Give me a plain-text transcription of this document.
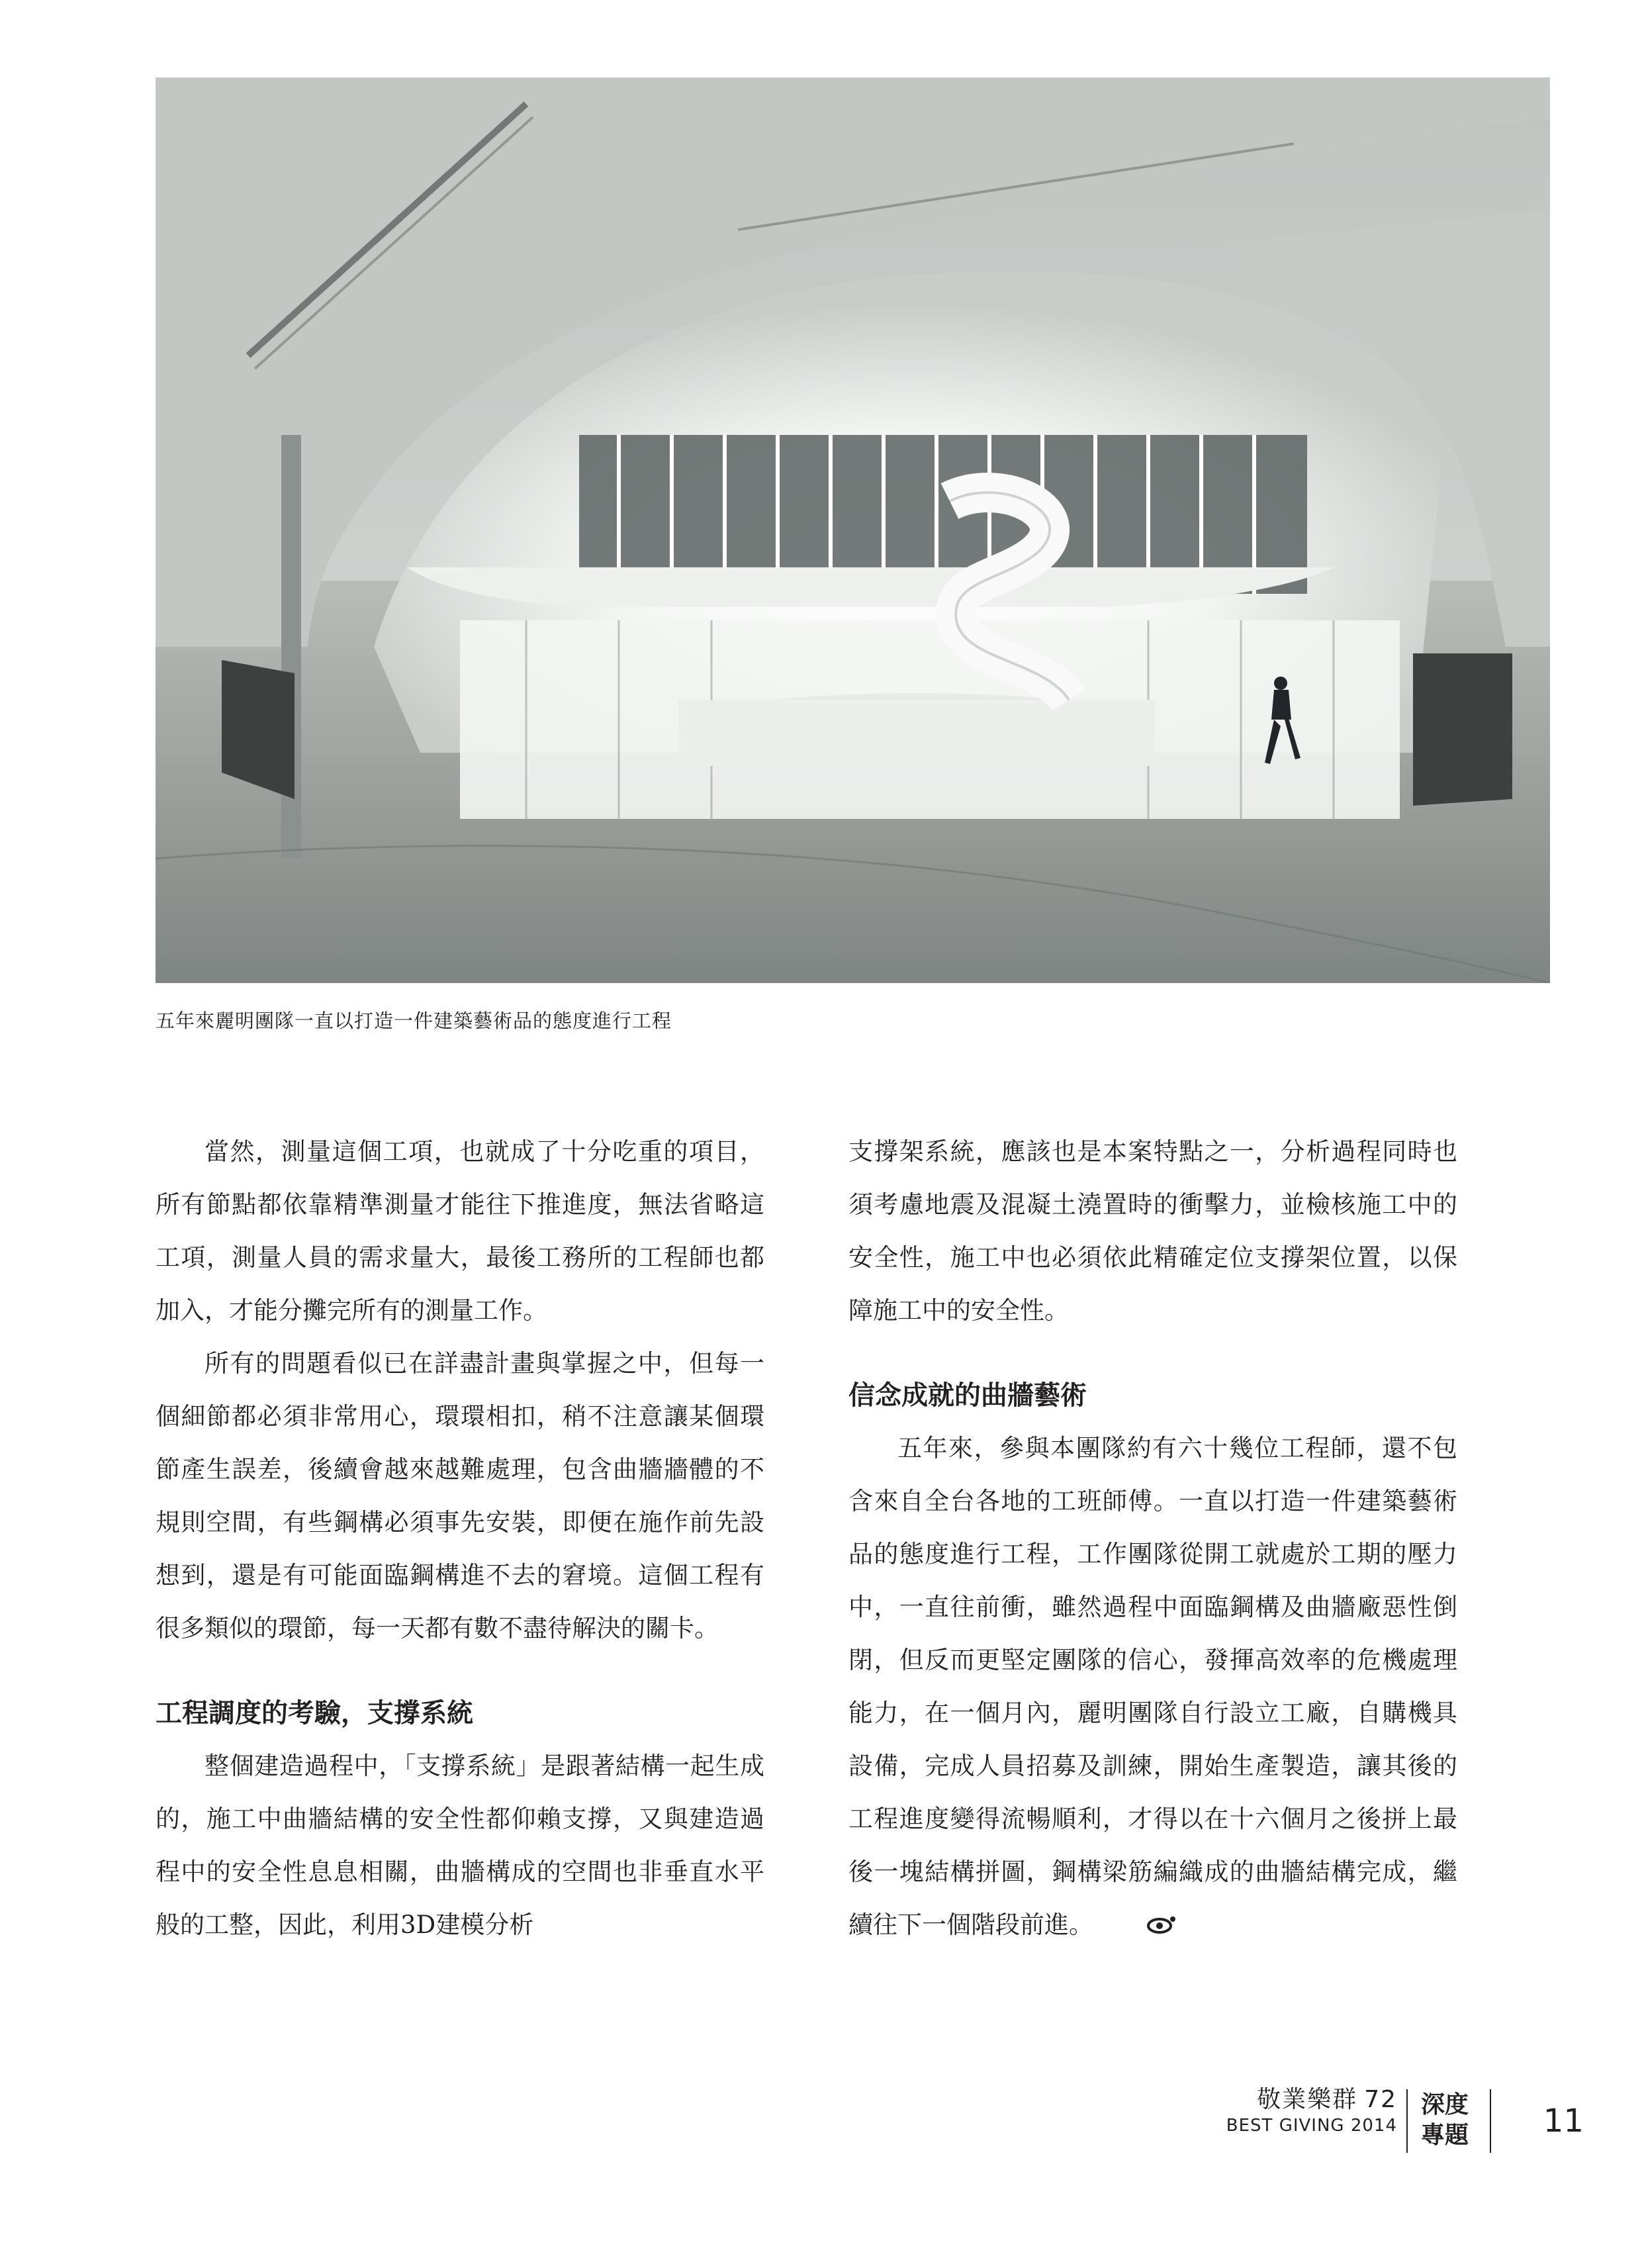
五年來麗明團隊一直以打造一件建築藝術品的態度進行工程

當然，測量這個工項，也就成了十分吃重的項目，所有節點都依靠精準測量才能往下推進度，無法省略這工項，測量人員的需求量大，最後工務所的工程師也都加入，才能分攤完所有的測量工作。

所有的問題看似已在詳盡計畫與掌握之中，但每一個細節都必須非常用心，環環相扣，稍不注意讓某個環節產生誤差，後續會越來越難處理，包含曲牆牆體的不規則空間，有些鋼構必須事先安裝，即便在施作前先設想到，還是有可能面臨鋼構進不去的窘境。這個工程有很多類似的環節，每一天都有數不盡待解決的關卡。

工程調度的考驗，支撐系統

整個建造過程中，「支撐系統」是跟著結構一起生成的，施工中曲牆結構的安全性都仰賴支撐，又與建造過程中的安全性息息相關，曲牆構成的空間也非垂直水平般的工整，因此，利用3D建模分析

支撐架系統，應該也是本案特點之一，分析過程同時也須考慮地震及混凝土澆置時的衝擊力，並檢核施工中的安全性，施工中也必須依此精確定位支撐架位置，以保障施工中的安全性。

信念成就的曲牆藝術

五年來，參與本團隊約有六十幾位工程師，還不包含來自全台各地的工班師傅。一直以打造一件建築藝術品的態度進行工程，工作團隊從開工就處於工期的壓力中，一直往前衝，雖然過程中面臨鋼構及曲牆廠惡性倒閉，但反而更堅定團隊的信心，發揮高效率的危機處理能力，在一個月內，麗明團隊自行設立工廠，自購機具設備，完成人員招募及訓練，開始生產製造，讓其後的工程進度變得流暢順利，才得以在十六個月之後拼上最後一塊結構拼圖，鋼構梁筋編織成的曲牆結構完成，繼續往下一個階段前進。

敬業樂群 72
BEST GIVING 2014
深度
專題 11
